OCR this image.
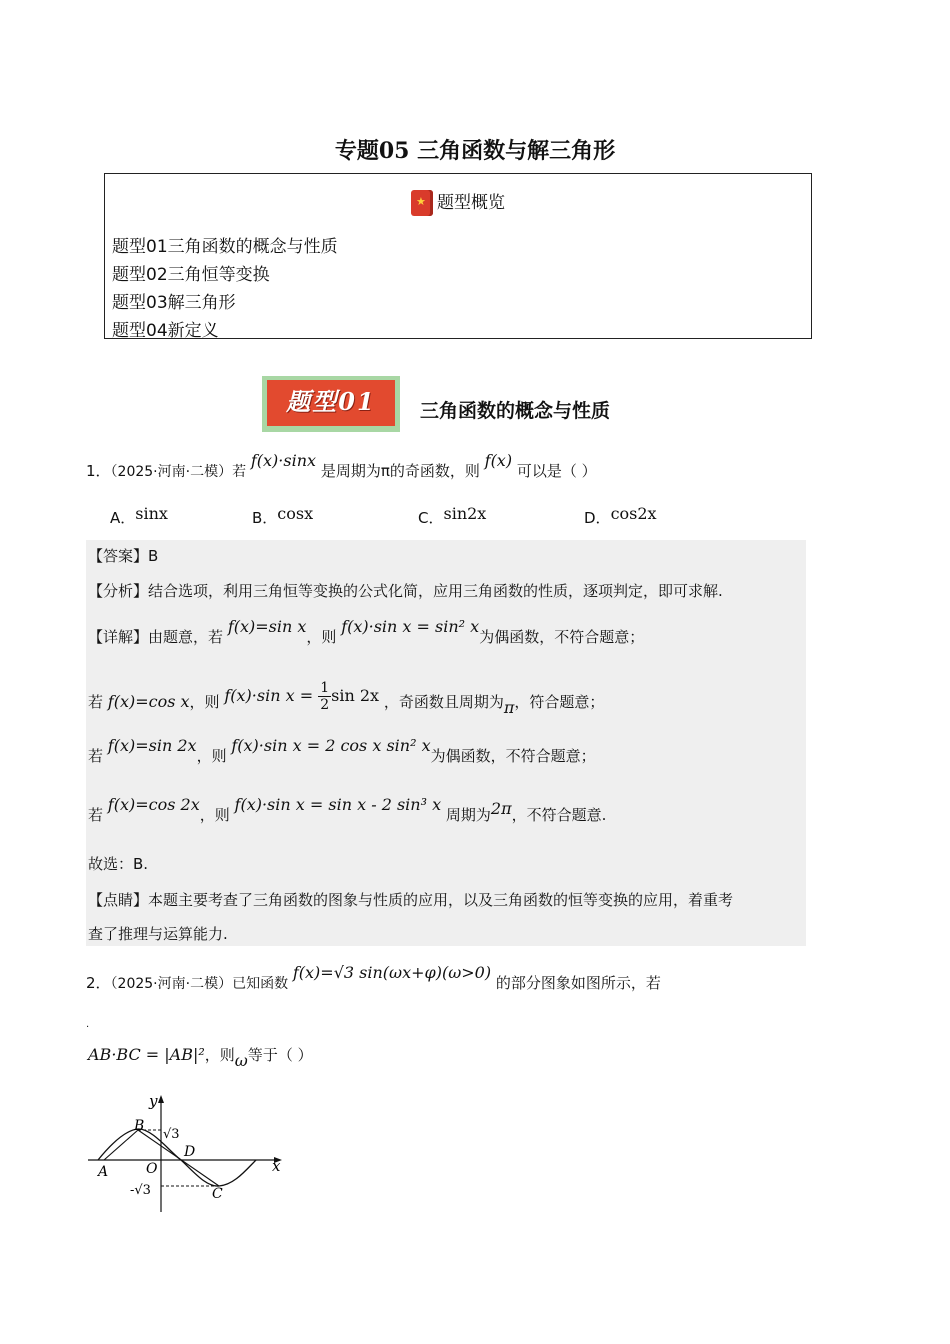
专题05 三角函数与解三角形
★题型概览
题型01三角函数的概念与性质
题型02三角恒等变换
题型03解三角形
题型04新定义
题型01	三角函数的概念与性质
1．（2025·河南·二模）若 f(x)·sinx 是周期为π的奇函数，则 f(x) 可以是（ ）
A．sinx	B．cosx	C．sin2x	D．cos2x
【答案】B
【分析】结合选项，利用三角恒等变换的公式化简，应用三角函数的性质，逐项判定，即可求解.
【详解】由题意，若 f(x)=sin x，则 f(x)·sin x = sin² x为偶函数，不符合题意；
若 f(x)=cos x，则 f(x)·sin $x = \frac{1}{2}$ sin 2x ，奇函数且周期为π，符合题意；
若 f(x)=sin 2x，则 f(x)·sin x = 2 cos x sin² x为偶函数，不符合题意；
若 f(x)=cos 2x，则 f(x)·sin x = sin x - 2 sin³ x 周期为2π，不符合题意.
故选：B.
【点睛】本题主要考查了三角函数的图象与性质的应用，以及三角函数的恒等变换的应用，着重考
查了推理与运算能力.
2．（2025·河南·二模）已知函数 f(x)=√3 sin(ωx+φ)(ω>0) 的部分图象如图所示，若
·
AB·BC = |AB|²，则ω等于（ ）
y
x
A
B
C
D
O
√3
-√3
